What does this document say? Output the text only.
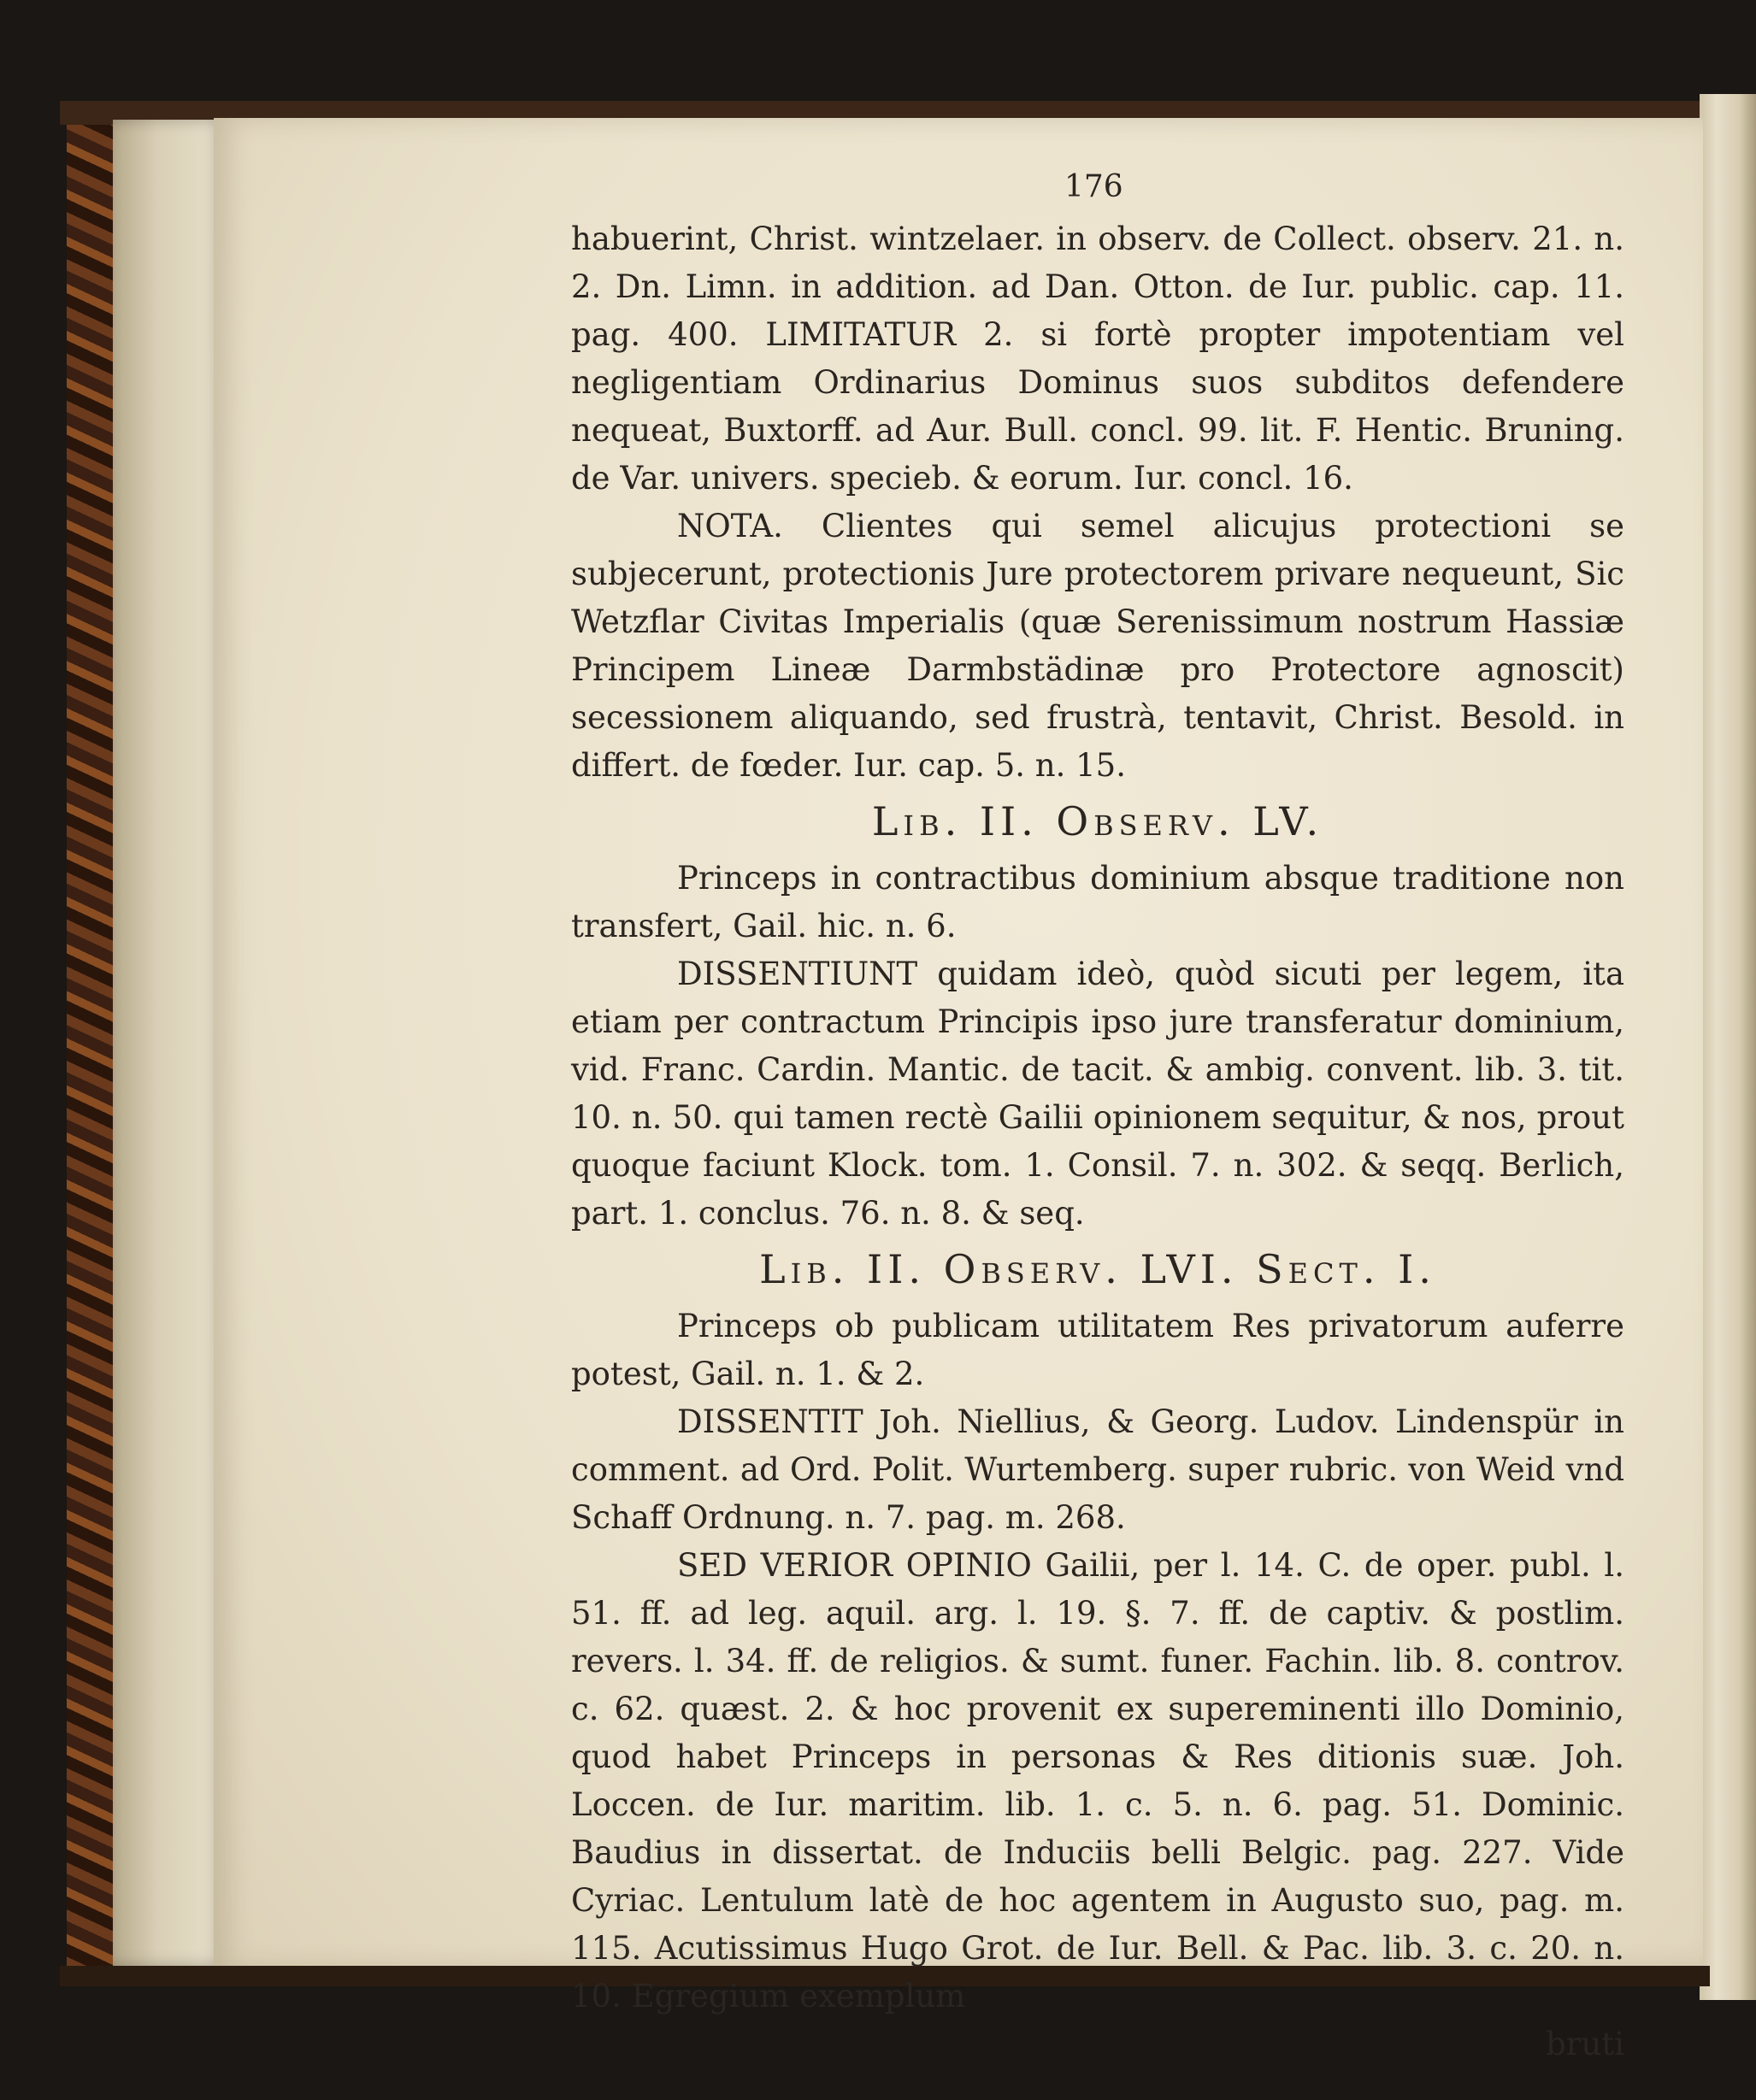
176

habuerint, Christ. wintzelaer. in observ. de Collect. observ. 21. n. 2. Dn. Limn. in addition. ad Dan. Otton. de Iur. public. cap. 11. pag. 400. LIMITATUR 2. si fortè propter impotentiam vel negligentiam Ordinarius Dominus suos subditos defendere nequeat, Buxtorff. ad Aur. Bull. concl. 99. lit. F. Hentic. Bruning. de Var. univers. specieb. & eorum. Iur. concl. 16.

NOTA. Clientes qui semel alicujus protectioni se subjecerunt, protectionis Jure protectorem privare nequeunt, Sic Wetzflar Civitas Imperialis (quæ Serenissimum nostrum Hassiæ Principem Lineæ Darmbstädinæ pro Protectore agnoscit) secessionem aliquando, sed frustrà, tentavit, Christ. Besold. in differt. de fœder. Iur. cap. 5. n. 15.

Lib. II. Observ. LV.

Princeps in contractibus dominium absque traditione non transfert, Gail. hic. n. 6.

DISSENTIUNT quidam ideò, quòd sicuti per legem, ita etiam per contractum Principis ipso jure transferatur dominium, vid. Franc. Cardin. Mantic. de tacit. & ambig. convent. lib. 3. tit. 10. n. 50. qui tamen rectè Gailii opinionem sequitur, & nos, prout quoque faciunt Klock. tom. 1. Consil. 7. n. 302. & seqq. Berlich, part. 1. conclus. 76. n. 8. & seq.

Lib. II. Observ. LVI. Sect. I.

Princeps ob publicam utilitatem Res privatorum auferre potest, Gail. n. 1. & 2.

DISSENTIT Joh. Niellius, & Georg. Ludov. Lindenspür in comment. ad Ord. Polit. Wurtemberg. super rubric. von Weid vnd Schaff Ordnung. n. 7. pag. m. 268.

SED VERIOR OPINIO Gailii, per l. 14. C. de oper. publ. l. 51. ff. ad leg. aquil. arg. l. 19. §. 7. ff. de captiv. & postlim. revers. l. 34. ff. de religios. & sumt. funer. Fachin. lib. 8. controv. c. 62. quæst. 2. & hoc provenit ex supereminenti illo Dominio, quod habet Princeps in personas & Res ditionis suæ. Joh. Loccen. de Iur. maritim. lib. 1. c. 5. n. 6. pag. 51. Dominic. Baudius in dissertat. de Induciis belli Belgic. pag. 227. Vide Cyriac. Lentulum latè de hoc agentem in Augusto suo, pag. m. 115. Acutissimus Hugo Grot. de Iur. Bell. & Pac. lib. 3. c. 20. n. 10. Egregium exemplum

bruti
